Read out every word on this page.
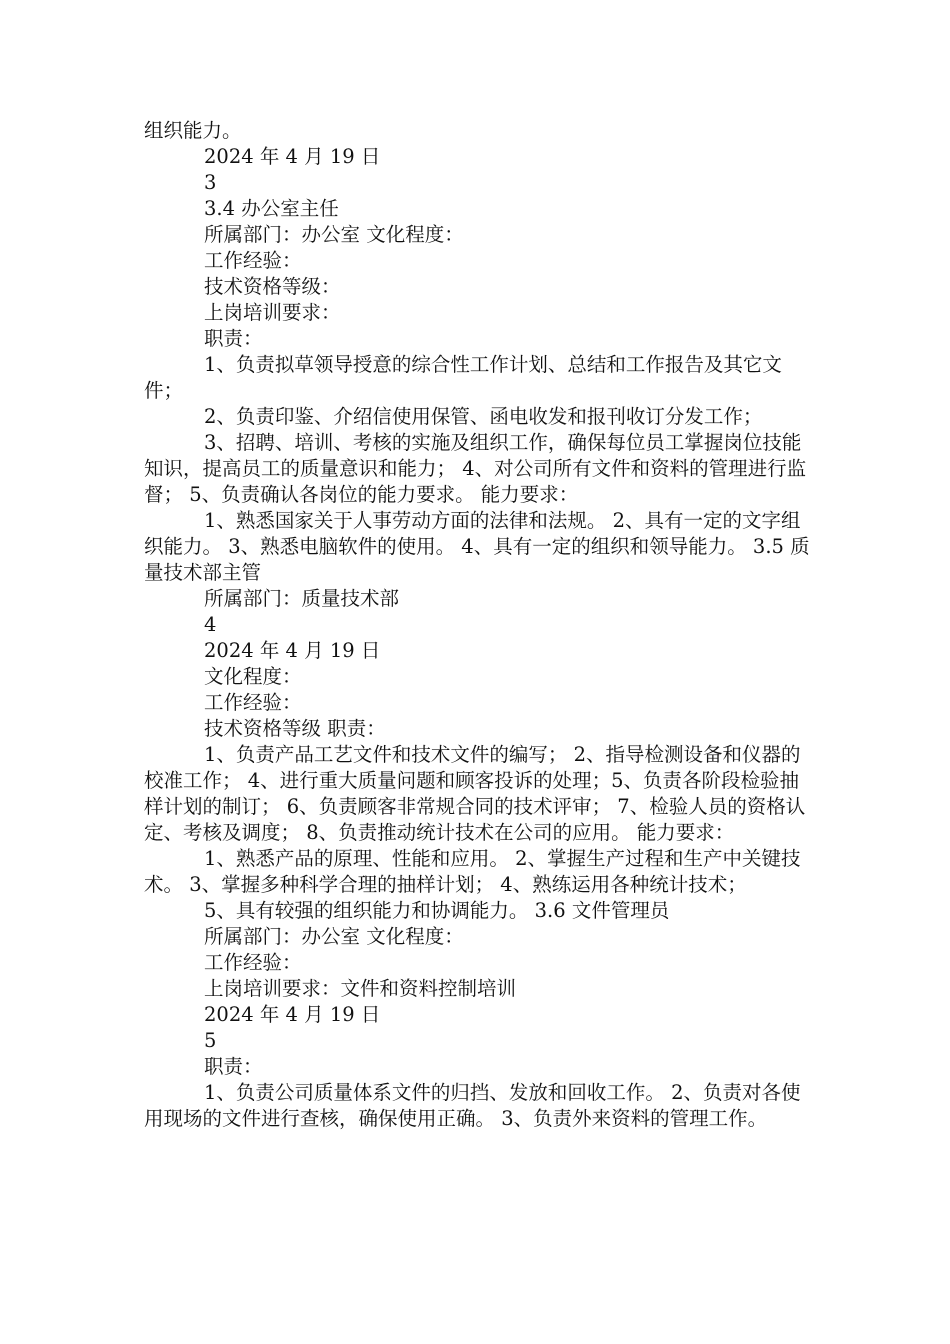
组织能力。

2024 年 4 月 19 日

3

3.4 办公室主任

所属部门：办公室 文化程度：

工作经验：

技术资格等级：

上岗培训要求：

职责：

1、负责拟草领导授意的综合性工作计划、总结和工作报告及其它文件；

2、负责印鉴、介绍信使用保管、函电收发和报刊收订分发工作；

3、招聘、培训、考核的实施及组织工作，确保每位员工掌握岗位技能知识，提高员工的质量意识和能力； 4、对公司所有文件和资料的管理进行监督； 5、负责确认各岗位的能力要求。 能力要求：

1、熟悉国家关于人事劳动方面的法律和法规。 2、具有一定的文字组织能力。 3、熟悉电脑软件的使用。 4、具有一定的组织和领导能力。 3.5 质量技术部主管

所属部门：质量技术部

4

2024 年 4 月 19 日

文化程度：

工作经验：

技术资格等级 职责：

1、负责产品工艺文件和技术文件的编写； 2、指导检测设备和仪器的校准工作； 4、进行重大质量问题和顾客投诉的处理；5、负责各阶段检验抽样计划的制订； 6、负责顾客非常规合同的技术评审； 7、检验人员的资格认定、考核及调度； 8、负责推动统计技术在公司的应用。 能力要求：

1、熟悉产品的原理、性能和应用。 2、掌握生产过程和生产中关键技术。 3、掌握多种科学合理的抽样计划； 4、熟练运用各种统计技术；

5、具有较强的组织能力和协调能力。 3.6 文件管理员

所属部门：办公室 文化程度：

工作经验：

上岗培训要求：文件和资料控制培训

2024 年 4 月 19 日

5

职责：

1、负责公司质量体系文件的归挡、发放和回收工作。 2、负责对各使用现场的文件进行查核，确保使用正确。 3、负责外来资料的管理工作。
